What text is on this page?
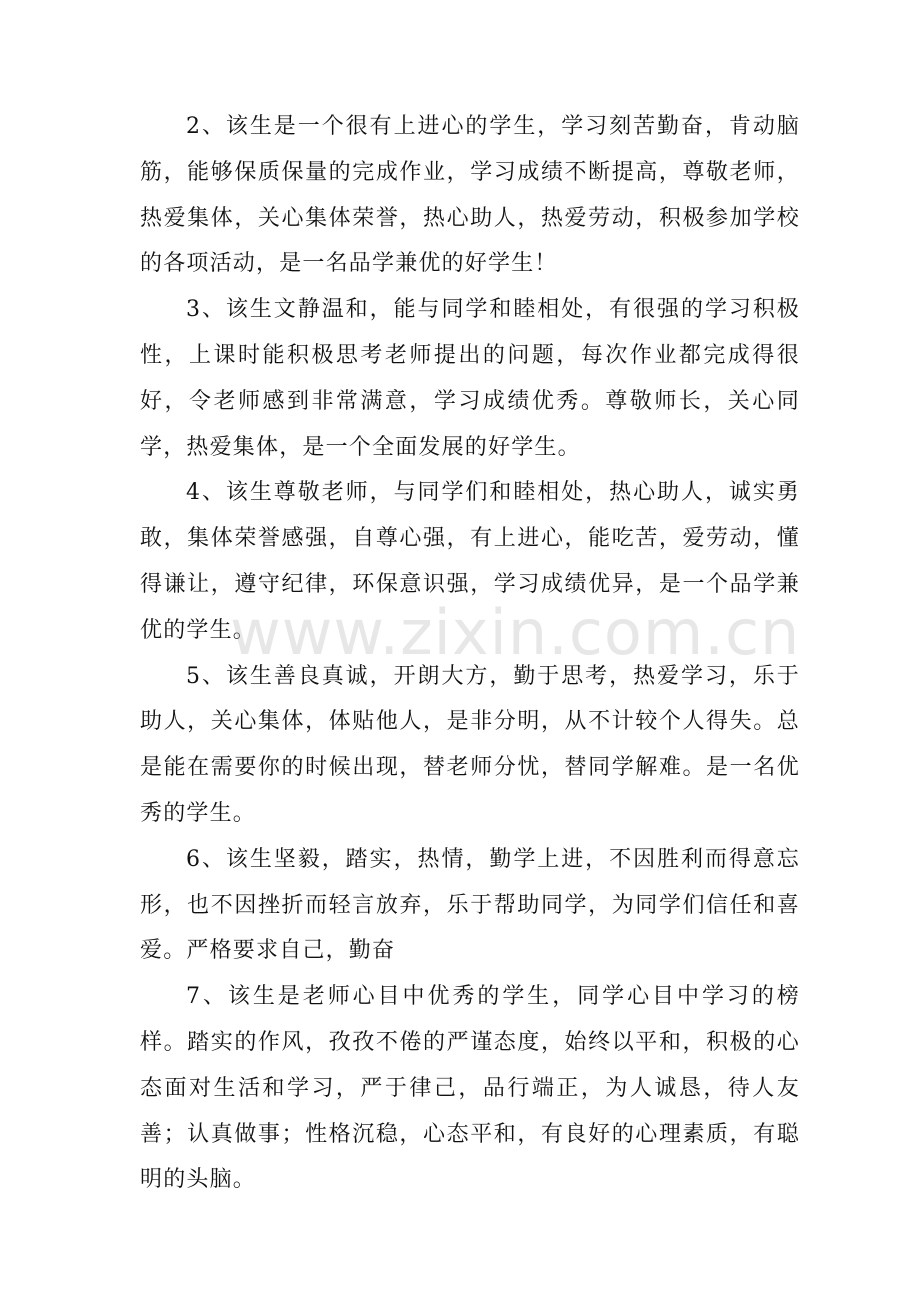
2、该生是一个很有上进心的学生，学习刻苦勤奋，肯动脑筋，能够保质保量的完成作业，学习成绩不断提高，尊敬老师，热爱集体，关心集体荣誉，热心助人，热爱劳动，积极参加学校的各项活动，是一名品学兼优的好学生！

3、该生文静温和，能与同学和睦相处，有很强的学习积极性，上课时能积极思考老师提出的问题，每次作业都完成得很好，令老师感到非常满意，学习成绩优秀。尊敬师长，关心同学，热爱集体，是一个全面发展的好学生。

4、该生尊敬老师，与同学们和睦相处，热心助人，诚实勇敢，集体荣誉感强，自尊心强，有上进心，能吃苦，爱劳动，懂得谦让，遵守纪律，环保意识强，学习成绩优异，是一个品学兼优的学生。

5、该生善良真诚，开朗大方，勤于思考，热爱学习，乐于助人，关心集体，体贴他人，是非分明，从不计较个人得失。总是能在需要你的时候出现，替老师分忧，替同学解难。是一名优秀的学生。

6、该生坚毅，踏实，热情，勤学上进，不因胜利而得意忘形，也不因挫折而轻言放弃，乐于帮助同学，为同学们信任和喜爱。严格要求自己，勤奋

7、该生是老师心目中优秀的学生，同学心目中学习的榜样。踏实的作风，孜孜不倦的严谨态度，始终以平和，积极的心态面对生活和学习，严于律己，品行端正，为人诚恳，待人友善；认真做事；性格沉稳，心态平和，有良好的心理素质，有聪明的头脑。

www.zixin.com.cn
